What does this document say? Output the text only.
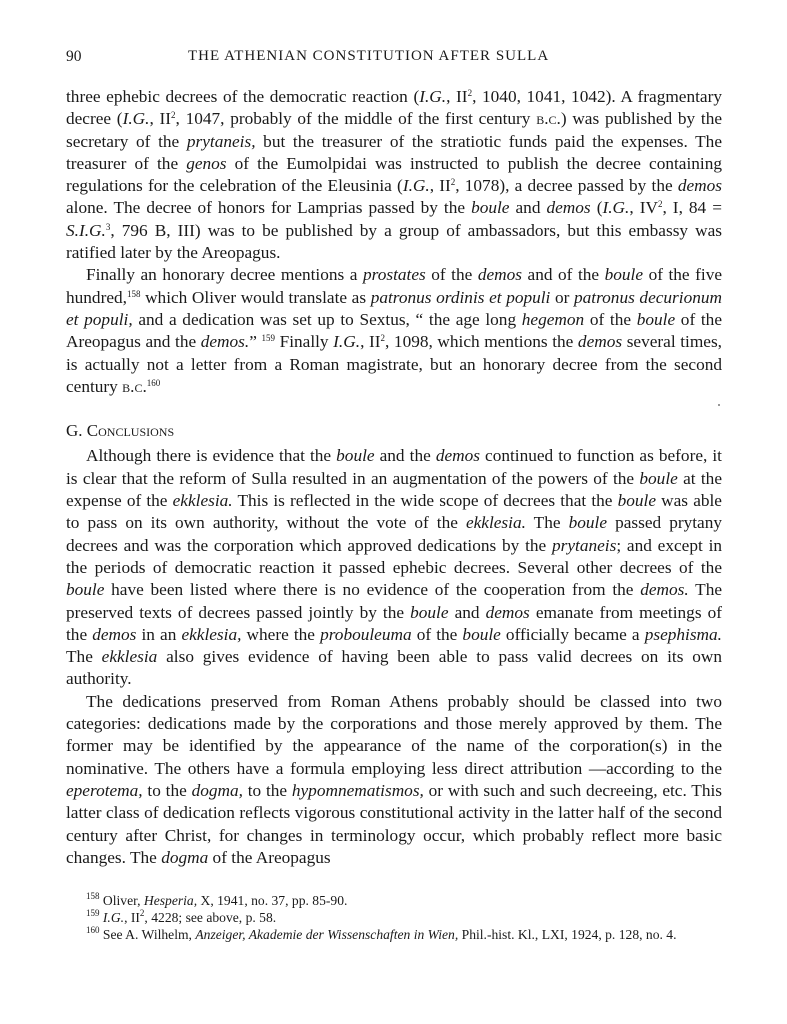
90	THE ATHENIAN CONSTITUTION AFTER SULLA

three ephebic decrees of the democratic reaction (I.G., $II^2$, 1040, 1041, 1042). A fragmentary decree (I.G., $II^2$, 1047, probably of the middle of the first century b.c.) was published by the secretary of the prytaneis, but the treasurer of the stratiotic funds paid the expenses. The treasurer of the genos of the Eumolpidai was instructed to publish the decree containing regulations for the celebration of the Eleusinia (I.G., $II^2$, 1078), a decree passed by the demos alone. The decree of honors for Lamprias passed by the boule and demos (I.G., $IV^2$, I, 84 = S.I.G.$^3$, 796 B, III) was to be published by a group of ambassadors, but this embassy was ratified later by the Areopagus.

Finally an honorary decree mentions a prostates of the demos and of the boule of the five hundred,$^{158}$ which Oliver would translate as patronus ordinis et populi or patronus decurionum et populi, and a dedication was set up to Sextus, “ the age long hegemon of the boule of the Areopagus and the demos.” $^{159}$ Finally I.G., $II^2$, 1098, which mentions the demos several times, is actually not a letter from a Roman magistrate, but an honorary decree from the second century b.c.$^{160}$

G. Conclusions

Although there is evidence that the boule and the demos continued to function as before, it is clear that the reform of Sulla resulted in an augmentation of the powers of the boule at the expense of the ekklesia. This is reflected in the wide scope of decrees that the boule was able to pass on its own authority, without the vote of the ekklesia. The boule passed prytany decrees and was the corporation which approved dedications by the prytaneis; and except in the periods of democratic reaction it passed ephebic decrees. Several other decrees of the boule have been listed where there is no evidence of the cooperation from the demos. The preserved texts of decrees passed jointly by the boule and demos emanate from meetings of the demos in an ekklesia, where the probouleuma of the boule officially became a psephisma. The ekklesia also gives evidence of having been able to pass valid decrees on its own authority.

The dedications preserved from Roman Athens probably should be classed into two categories: dedications made by the corporations and those merely approved by them. The former may be identified by the appearance of the name of the corporation(s) in the nominative. The others have a formula employing less direct attribution —according to the eperotema, to the dogma, to the hypomnematismos, or with such and such decreeing, etc. This latter class of dedication reflects vigorous constitutional activity in the latter half of the second century after Christ, for changes in terminology occur, which probably reflect more basic changes. The dogma of the Areopagus

$^{158}$ Oliver, Hesperia, X, 1941, no. 37, pp. 85-90.
$^{159}$ I.G., $II^2$, 4228; see above, p. 58.
$^{160}$ See A. Wilhelm, Anzeiger, Akademie der Wissenschaften in Wien, Phil.-hist. Kl., LXI, 1924, p. 128, no. 4.
